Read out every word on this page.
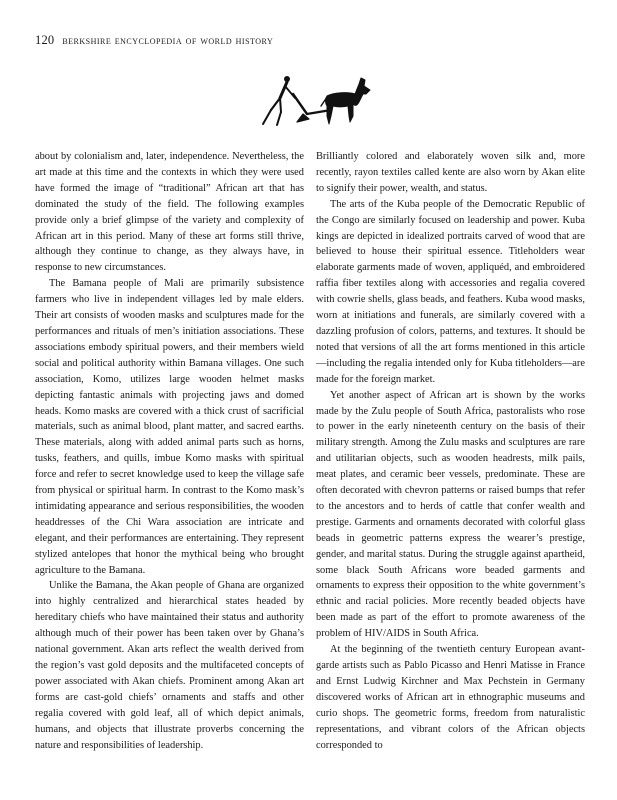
120 berkshire encyclopedia of world history

about by colonialism and, later, independence. Nevertheless, the art made at this time and the contexts in which they were used have formed the image of “traditional” African art that has dominated the study of the field. The following examples provide only a brief glimpse of the variety and complexity of African art in this period. Many of these art forms still thrive, although they continue to change, as they always have, in response to new circumstances.

The Bamana people of Mali are primarily subsistence farmers who live in independent villages led by male elders. Their art consists of wooden masks and sculptures made for the performances and rituals of men’s initiation associations. These associations embody spiritual powers, and their members wield social and political authority within Bamana villages. One such association, Komo, utilizes large wooden helmet masks depicting fantastic animals with projecting jaws and domed heads. Komo masks are covered with a thick crust of sacrificial materials, such as animal blood, plant matter, and sacred earths. These materials, along with added animal parts such as horns, tusks, feathers, and quills, imbue Komo masks with spiritual force and refer to secret knowledge used to keep the village safe from physical or spiritual harm. In contrast to the Komo mask’s intimidating appearance and serious responsibilities, the wooden headdresses of the Chi Wara association are intricate and elegant, and their performances are entertaining. They represent stylized antelopes that honor the mythical being who brought agriculture to the Bamana.

Unlike the Bamana, the Akan people of Ghana are organized into highly centralized and hierarchical states headed by hereditary chiefs who have maintained their status and authority although much of their power has been taken over by Ghana’s national government. Akan arts reflect the wealth derived from the region’s vast gold deposits and the multifaceted concepts of power associated with Akan chiefs. Prominent among Akan art forms are cast-gold chiefs’ ornaments and staffs and other regalia covered with gold leaf, all of which depict animals, humans, and objects that illustrate proverbs concerning the nature and responsibilities of leadership.

Brilliantly colored and elaborately woven silk and, more recently, rayon textiles called kente are also worn by Akan elite to signify their power, wealth, and status.

The arts of the Kuba people of the Democratic Republic of the Congo are similarly focused on leadership and power. Kuba kings are depicted in idealized portraits carved of wood that are believed to house their spiritual essence. Titleholders wear elaborate garments made of woven, appliquéd, and embroidered raffia fiber textiles along with accessories and regalia covered with cowrie shells, glass beads, and feathers. Kuba wood masks, worn at initiations and funerals, are similarly covered with a dazzling profusion of colors, patterns, and textures. It should be noted that versions of all the art forms mentioned in this article—including the regalia intended only for Kuba titleholders—are made for the foreign market.

Yet another aspect of African art is shown by the works made by the Zulu people of South Africa, pastoralists who rose to power in the early nineteenth century on the basis of their military strength. Among the Zulu masks and sculptures are rare and utilitarian objects, such as wooden headrests, milk pails, meat plates, and ceramic beer vessels, predominate. These are often decorated with chevron patterns or raised bumps that refer to the ancestors and to herds of cattle that confer wealth and prestige. Garments and ornaments decorated with colorful glass beads in geometric patterns express the wearer’s prestige, gender, and marital status. During the struggle against apartheid, some black South Africans wore beaded garments and ornaments to express their opposition to the white government’s ethnic and racial policies. More recently beaded objects have been made as part of the effort to promote awareness of the problem of HIV/AIDS in South Africa.

At the beginning of the twentieth century European avant-garde artists such as Pablo Picasso and Henri Matisse in France and Ernst Ludwig Kirchner and Max Pechstein in Germany discovered works of African art in ethnographic museums and curio shops. The geometric forms, freedom from naturalistic representations, and vibrant colors of the African objects corresponded to
